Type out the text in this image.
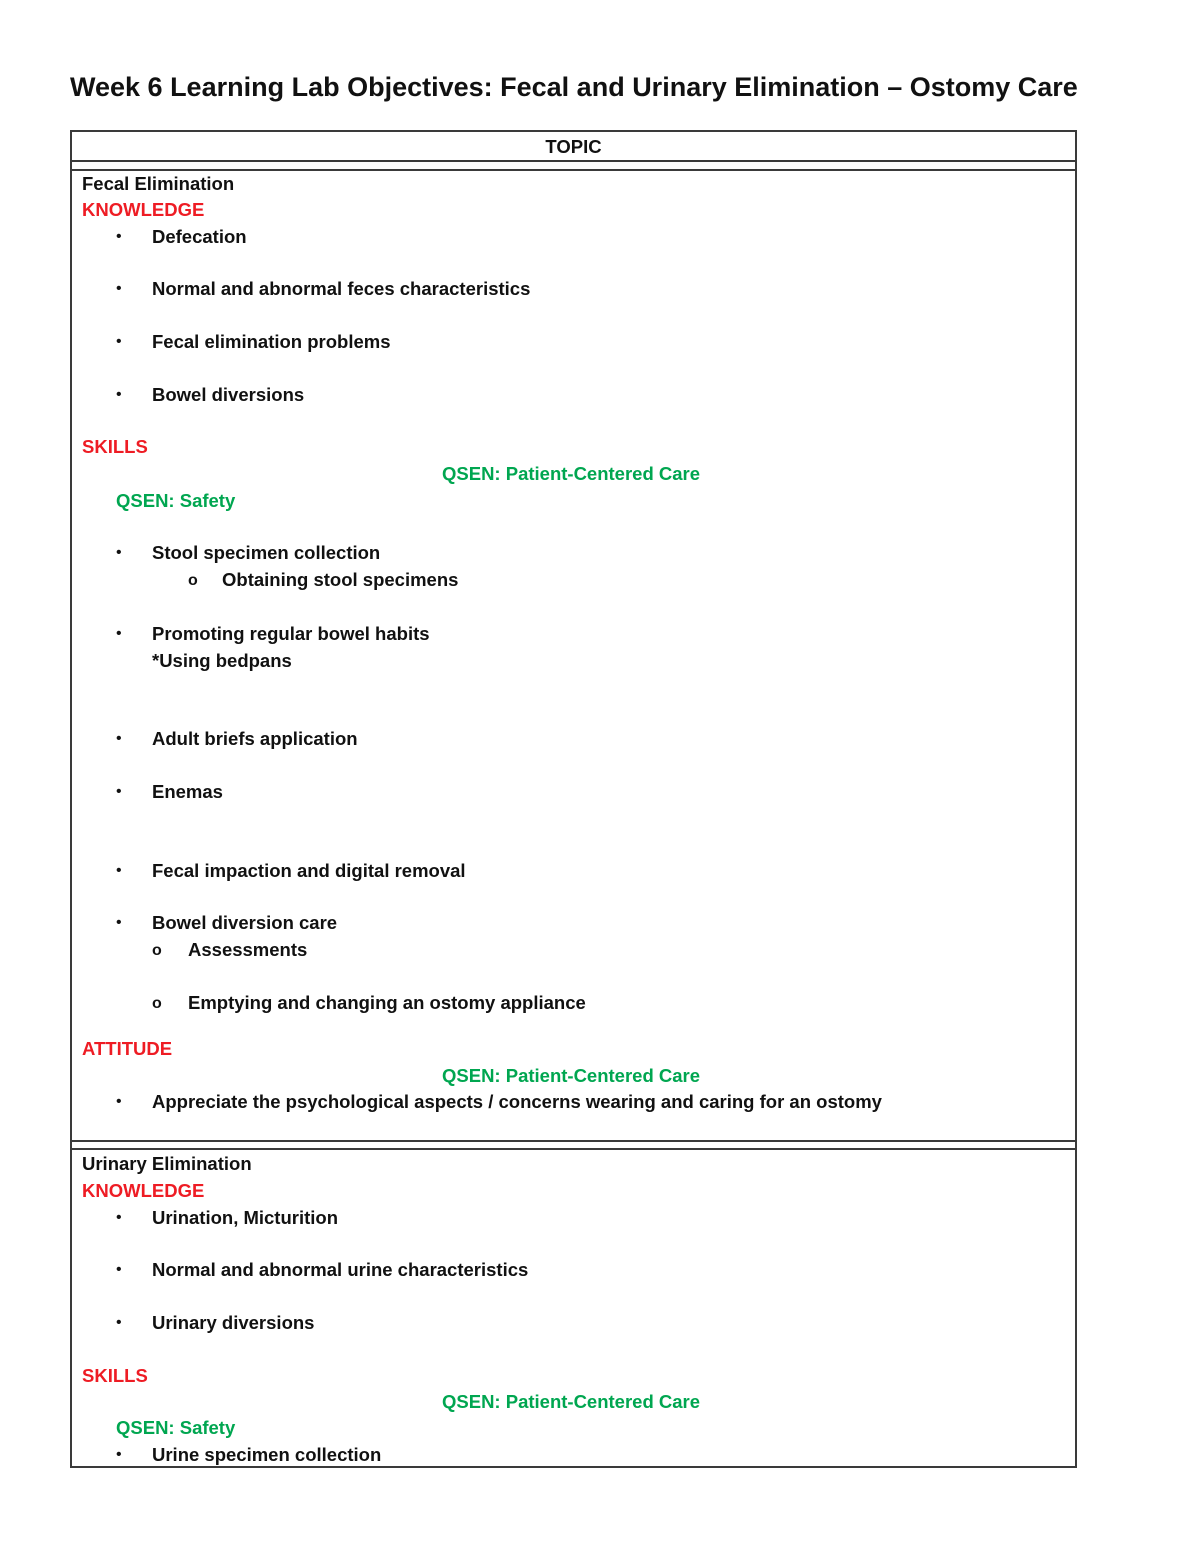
Week 6 Learning Lab Objectives: Fecal and Urinary Elimination – Ostomy Care
TOPIC
Fecal Elimination
KNOWLEDGE
• Defecation
• Normal and abnormal feces characteristics
• Fecal elimination problems
• Bowel diversions
SKILLS
QSEN: Patient-Centered Care
QSEN: Safety
• Stool specimen collection
o Obtaining stool specimens
• Promoting regular bowel habits
*Using bedpans
• Adult briefs application
• Enemas
• Fecal impaction and digital removal
• Bowel diversion care
o Assessments
o Emptying and changing an ostomy appliance
ATTITUDE
QSEN: Patient-Centered Care
• Appreciate the psychological aspects / concerns wearing and caring for an ostomy
Urinary Elimination
KNOWLEDGE
• Urination, Micturition
• Normal and abnormal urine characteristics
• Urinary diversions
SKILLS
QSEN: Patient-Centered Care
QSEN: Safety
• Urine specimen collection
